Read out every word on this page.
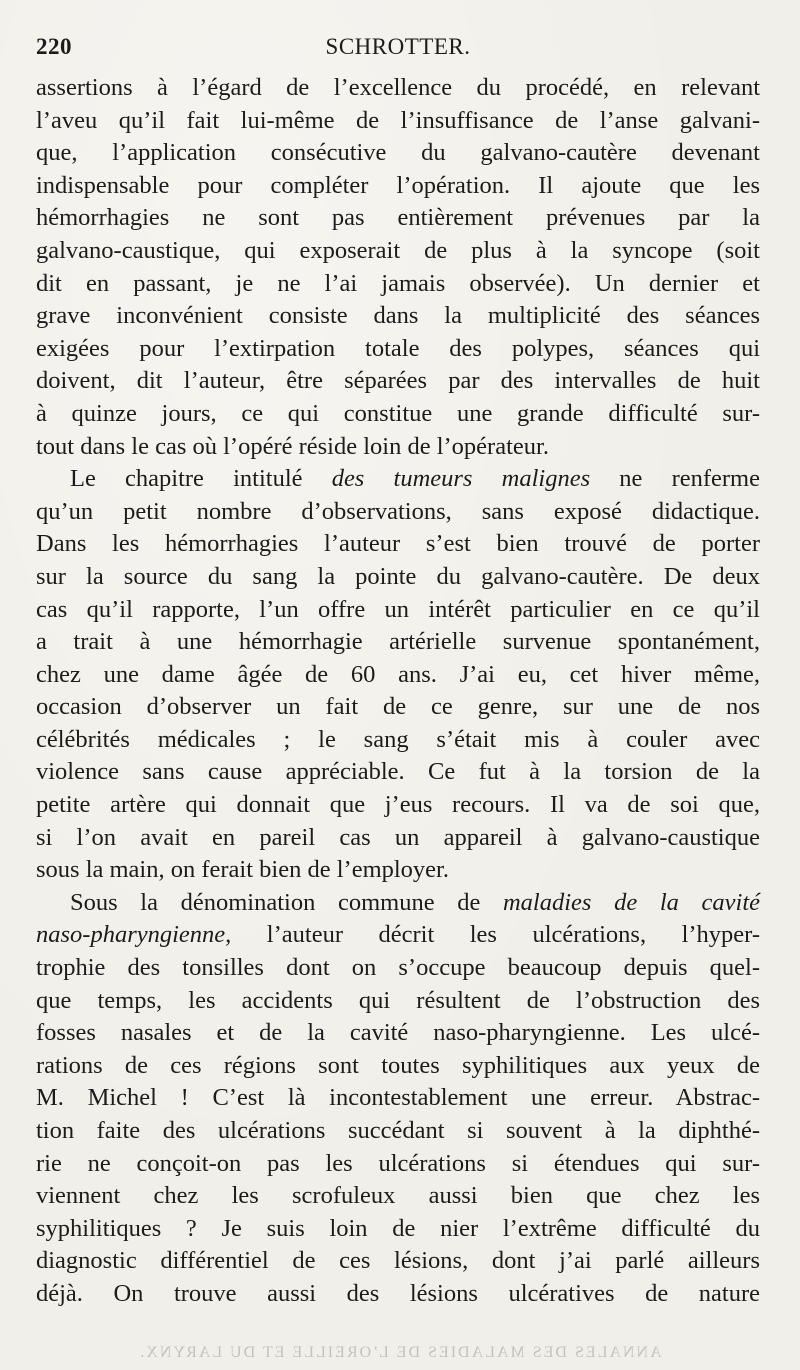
220	SCHROTTER.
assertions à l’égard de l’excellence du procédé, en relevant
l’aveu qu’il fait lui-même de l’insuffisance de l’anse galvani-
que, l’application consécutive du galvano-cautère devenant
indispensable pour compléter l’opération. Il ajoute que les
hémorrhagies ne sont pas entièrement prévenues par la
galvano-caustique, qui exposerait de plus à la syncope (soit
dit en passant, je ne l’ai jamais observée). Un dernier et
grave inconvénient consiste dans la multiplicité des séances
exigées pour l’extirpation totale des polypes, séances qui
doivent, dit l’auteur, être séparées par des intervalles de huit
à quinze jours, ce qui constitue une grande difficulté sur-
tout dans le cas où l’opéré réside loin de l’opérateur.
Le chapitre intitulé des tumeurs malignes ne renferme
qu’un petit nombre d’observations, sans exposé didactique.
Dans les hémorrhagies l’auteur s’est bien trouvé de porter
sur la source du sang la pointe du galvano-cautère. De deux
cas qu’il rapporte, l’un offre un intérêt particulier en ce qu’il
a trait à une hémorrhagie artérielle survenue spontanément,
chez une dame âgée de 60 ans. J’ai eu, cet hiver même,
occasion d’observer un fait de ce genre, sur une de nos
célébrités médicales ; le sang s’était mis à couler avec
violence sans cause appréciable. Ce fut à la torsion de la
petite artère qui donnait que j’eus recours. Il va de soi que,
si l’on avait en pareil cas un appareil à galvano-caustique
sous la main, on ferait bien de l’employer.
Sous la dénomination commune de maladies de la cavité
naso-pharyngienne, l’auteur décrit les ulcérations, l’hyper-
trophie des tonsilles dont on s’occupe beaucoup depuis quel-
que temps, les accidents qui résultent de l’obstruction des
fosses nasales et de la cavité naso-pharyngienne. Les ulcé-
rations de ces régions sont toutes syphilitiques aux yeux de
M. Michel ! C’est là incontestablement une erreur. Abstrac-
tion faite des ulcérations succédant si souvent à la diphthé-
rie ne conçoit-on pas les ulcérations si étendues qui sur-
viennent chez les scrofuleux aussi bien que chez les
syphilitiques ? Je suis loin de nier l’extrême difficulté du
diagnostic différentiel de ces lésions, dont j’ai parlé ailleurs
déjà. On trouve aussi des lésions ulcératives de nature
ANNALES DES MALADIES DE L’OREILLE ET DU LARYNX.
